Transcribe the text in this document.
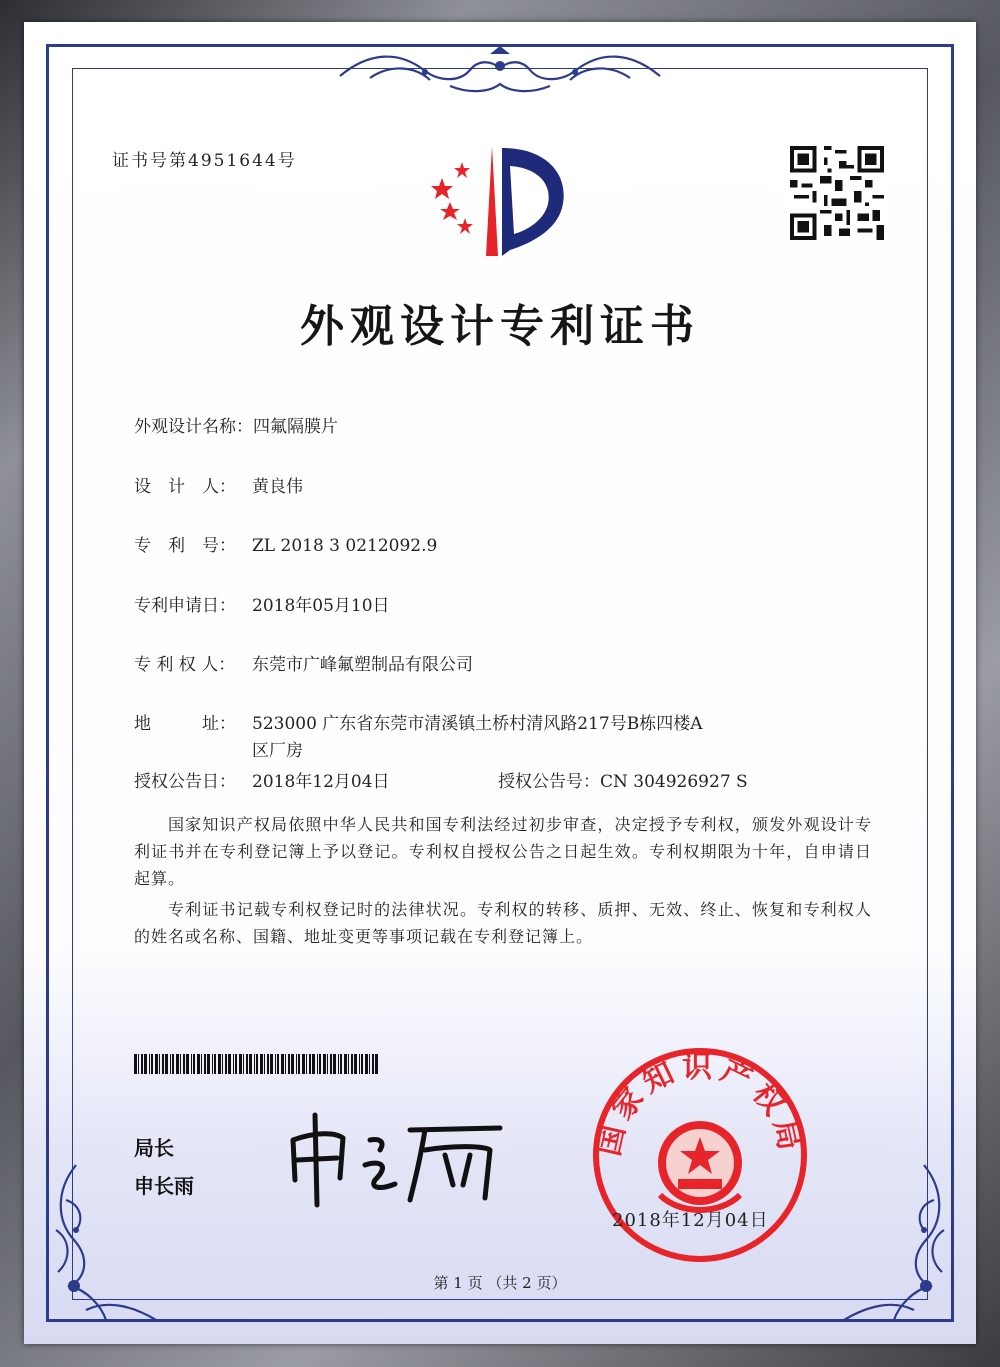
证书号第4951644号
外观设计专利证书
外观设计名称：四氟隔膜片
设　计　人： 黄良伟
专　利　号： ZL 2018 3 0212092.9
专利申请日： 2018年05月10日
专 利 权 人： 东莞市广峰氟塑制品有限公司
地　　　址： 523000 广东省东莞市清溪镇土桥村清风路217号B栋四楼A
区厂房
授权公告日： 2018年12月04日	授权公告号：CN 304926927 S
国家知识产权局依照中华人民共和国专利法经过初步审查，决定授予专利权，颁发外观设计专利证书并在专利登记簿上予以登记。专利权自授权公告之日起生效。专利权期限为十年，自申请日起算。
专利证书记载专利权登记时的法律状况。专利权的转移、质押、无效、终止、恢复和专利权人的姓名或名称、国籍、地址变更等事项记载在专利登记簿上。
局长
申长雨
国家知识产权局
2018年12月04日
第 1 页 （共 2 页）
